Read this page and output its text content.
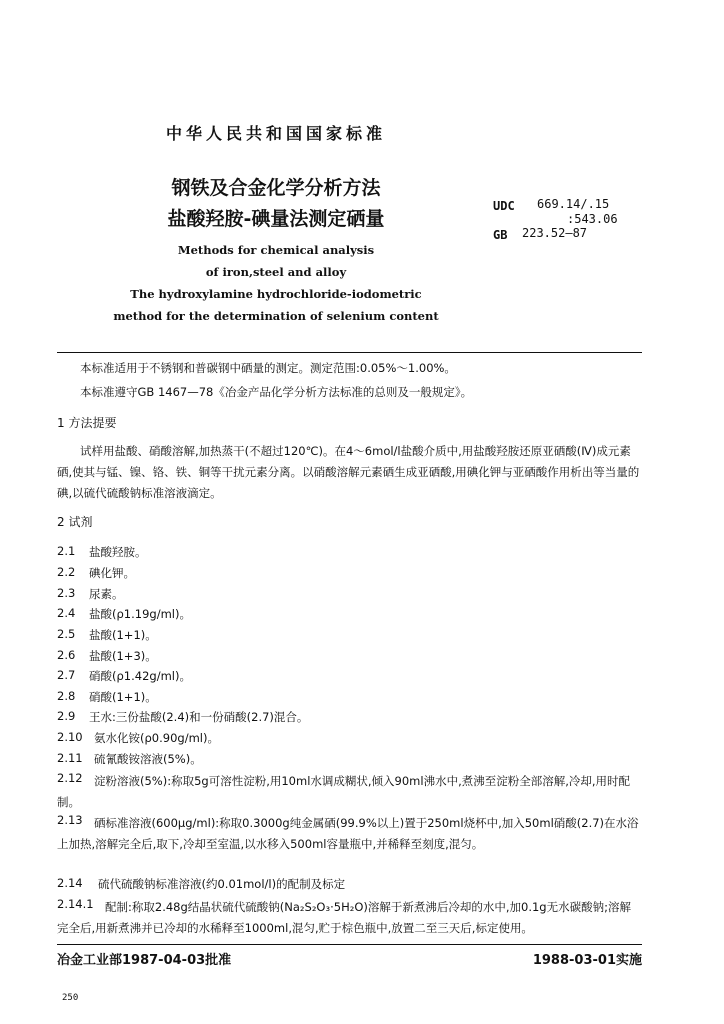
中华人民共和国国家标准
钢铁及合金化学分析方法
盐酸羟胺-碘量法测定硒量
Methods for chemical analysis
of iron,steel and alloy
The hydroxylamine hydrochloride-iodometric
method for the determination of selenium content
UDC 669.14/.15
:543.06
GB 223.52—87
本标准适用于不锈钢和普碳钢中硒量的测定。测定范围:0.05%～1.00%。
本标准遵守GB 1467—78《冶金产品化学分析方法标准的总则及一般规定》。
1 方法提要
试样用盐酸、硝酸溶解,加热蒸干(不超过120℃)。在4～6mol/l盐酸介质中,用盐酸羟胺还原亚硒酸(Ⅳ)成元素硒,使其与锰、镍、铬、铁、铜等干扰元素分离。以硝酸溶解元素硒生成亚硒酸,用碘化钾与亚硒酸作用析出等当量的碘,以硫代硫酸钠标准溶液滴定。
2 试剂
2.1 盐酸羟胺。
2.2 碘化钾。
2.3 尿素。
2.4 盐酸(ρ1.19g/ml)。
2.5 盐酸(1+1)。
2.6 盐酸(1+3)。
2.7 硝酸(ρ1.42g/ml)。
2.8 硝酸(1+1)。
2.9 王水:三份盐酸(2.4)和一份硝酸(2.7)混合。
2.10 氨水化铵(ρ0.90g/ml)。
2.11 硫氰酸铵溶液(5%)。
2.12 淀粉溶液(5%):称取5g可溶性淀粉,用10ml水调成糊状,倾入90ml沸水中,煮沸至淀粉全部溶解,冷却,用时配制。
2.13 硒标准溶液(600μg/ml):称取0.3000g纯金属硒(99.9%以上)置于250ml烧杯中,加入50ml硝酸(2.7)在水浴上加热,溶解完全后,取下,冷却至室温,以水移入500ml容量瓶中,并稀释至刻度,混匀。
2.14 硫代硫酸钠标准溶液(约0.01mol/l)的配制及标定
2.14.1 配制:称取2.48g结晶状硫代硫酸钠(Na₂S₂O₃·5H₂O)溶解于新煮沸后冷却的水中,加0.1g无水碳酸钠;溶解完全后,用新煮沸并已冷却的水稀释至1000ml,混匀,贮于棕色瓶中,放置二至三天后,标定使用。
冶金工业部1987-04-03批准	1988-03-01实施
250
